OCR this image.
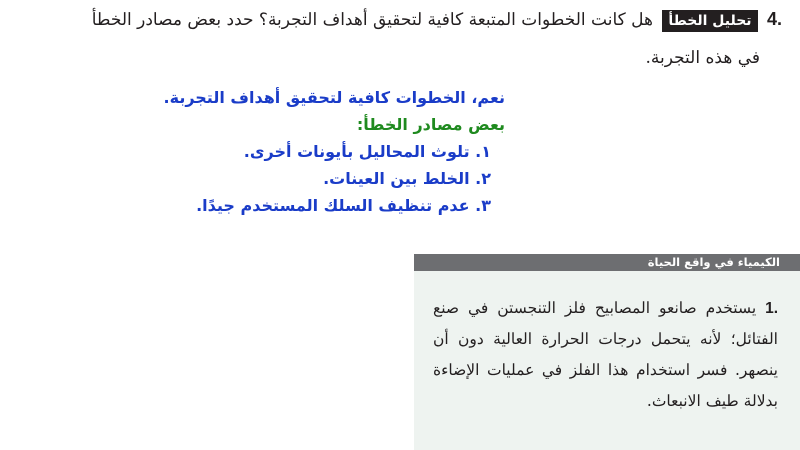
.4 تحليل الخطأ هل كانت الخطوات المتبعة كافية لتحقيق أهداف التجربة؟ حدد بعض مصادر الخطأ
في هذه التجربة.
نعم، الخطوات كافية لتحقيق أهداف التجربة.
بعض مصادر الخطأ:
١. تلوث المحاليل بأيونات أخرى.
٢. الخلط بين العينات.
٣. عدم تنظيف السلك المستخدم جيدًا.
الكيمياء في واقع الحياة
.1 يستخدم صانعو المصابيح فلز التنجستن في صنع الفتائل؛ لأنه يتحمل درجات الحرارة العالية دون أن ينصهر. فسر استخدام هذا الفلز في عمليات الإضاءة بدلالة طيف الانبعاث.
